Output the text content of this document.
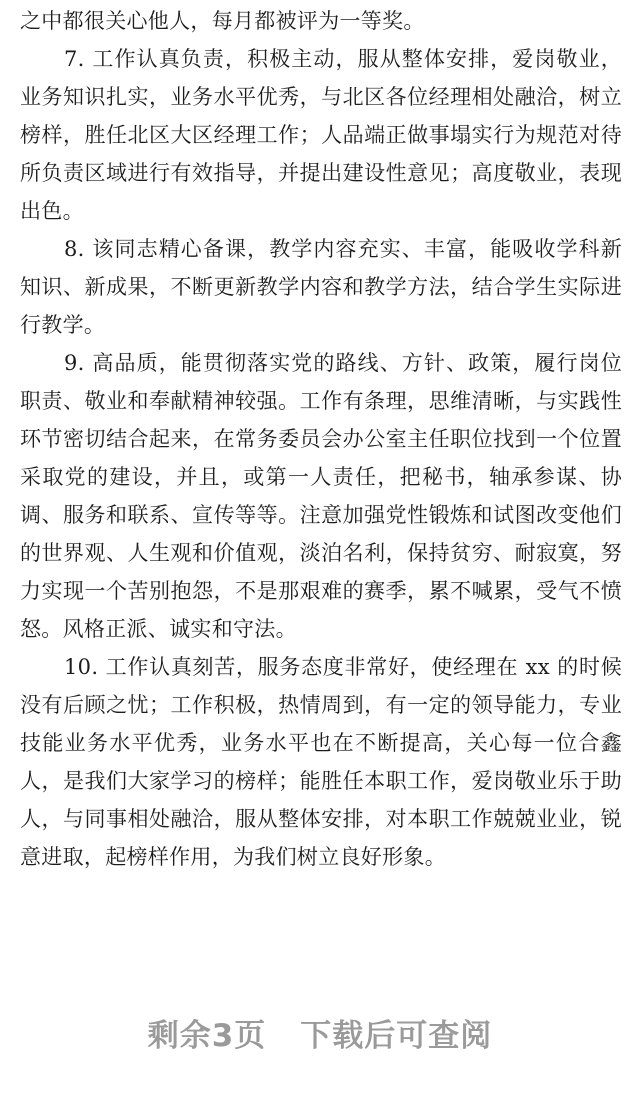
之中都很关心他人，每月都被评为一等奖。

7. 工作认真负责，积极主动，服从整体安排，爱岗敬业，业务知识扎实，业务水平优秀，与北区各位经理相处融洽，树立榜样，胜任北区大区经理工作；人品端正做事塌实行为规范对待所负责区域进行有效指导，并提出建设性意见；高度敬业，表现出色。

8. 该同志精心备课，教学内容充实、丰富，能吸收学科新知识、新成果，不断更新教学内容和教学方法，结合学生实际进行教学。

9. 高品质，能贯彻落实党的路线、方针、政策，履行岗位职责、敬业和奉献精神较强。工作有条理，思维清晰，与实践性环节密切结合起来，在常务委员会办公室主任职位找到一个位置采取党的建设，并且，或第一人责任，把秘书，轴承参谋、协调、服务和联系、宣传等等。注意加强党性锻炼和试图改变他们的世界观、人生观和价值观，淡泊名利，保持贫穷、耐寂寞，努力实现一个苦别抱怨，不是那艰难的赛季，累不喊累，受气不愤怒。风格正派、诚实和守法。

10. 工作认真刻苦，服务态度非常好，使经理在 xx 的时候没有后顾之忧；工作积极，热情周到，有一定的领导能力，专业技能业务水平优秀，业务水平也在不断提高，关心每一位合鑫人，是我们大家学习的榜样；能胜任本职工作，爱岗敬业乐于助人，与同事相处融洽，服从整体安排，对本职工作兢兢业业，锐意进取，起榜样作用，为我们树立良好形象。

剩余3页 下载后可查阅
